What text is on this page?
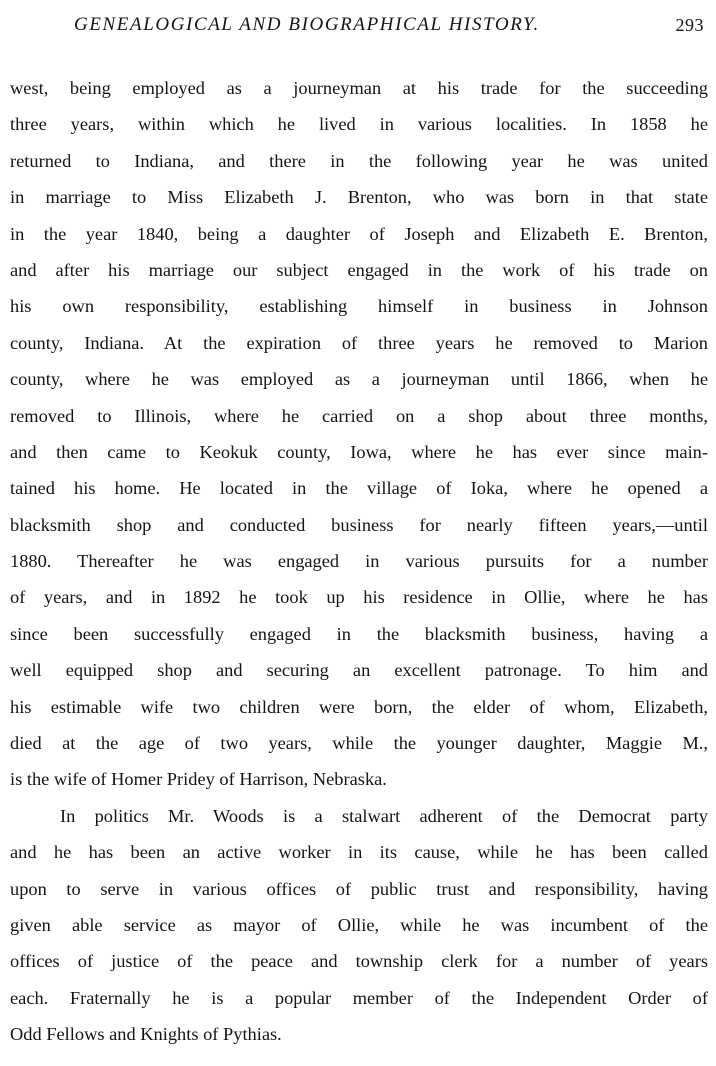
GENEALOGICAL AND BIOGRAPHICAL HISTORY.	293
west, being employed as a journeyman at his trade for the succeeding
three years, within which he lived in various localities. In 1858 he
returned to Indiana, and there in the following year he was united
in marriage to Miss Elizabeth J. Brenton, who was born in that state
in the year 1840, being a daughter of Joseph and Elizabeth E. Brenton,
and after his marriage our subject engaged in the work of his trade on
his own responsibility, establishing himself in business in Johnson
county, Indiana. At the expiration of three years he removed to Marion
county, where he was employed as a journeyman until 1866, when he
removed to Illinois, where he carried on a shop about three months,
and then came to Keokuk county, Iowa, where he has ever since main-
tained his home. He located in the village of Ioka, where he opened a
blacksmith shop and conducted business for nearly fifteen years,—until
1880. Thereafter he was engaged in various pursuits for a number
of years, and in 1892 he took up his residence in Ollie, where he has
since been successfully engaged in the blacksmith business, having a
well equipped shop and securing an excellent patronage. To him and
his estimable wife two children were born, the elder of whom, Elizabeth,
died at the age of two years, while the younger daughter, Maggie M.,
is the wife of Homer Pridey of Harrison, Nebraska.
In politics Mr. Woods is a stalwart adherent of the Democrat party
and he has been an active worker in its cause, while he has been called
upon to serve in various offices of public trust and responsibility, having
given able service as mayor of Ollie, while he was incumbent of the
offices of justice of the peace and township clerk for a number of years
each. Fraternally he is a popular member of the Independent Order of
Odd Fellows and Knights of Pythias.
